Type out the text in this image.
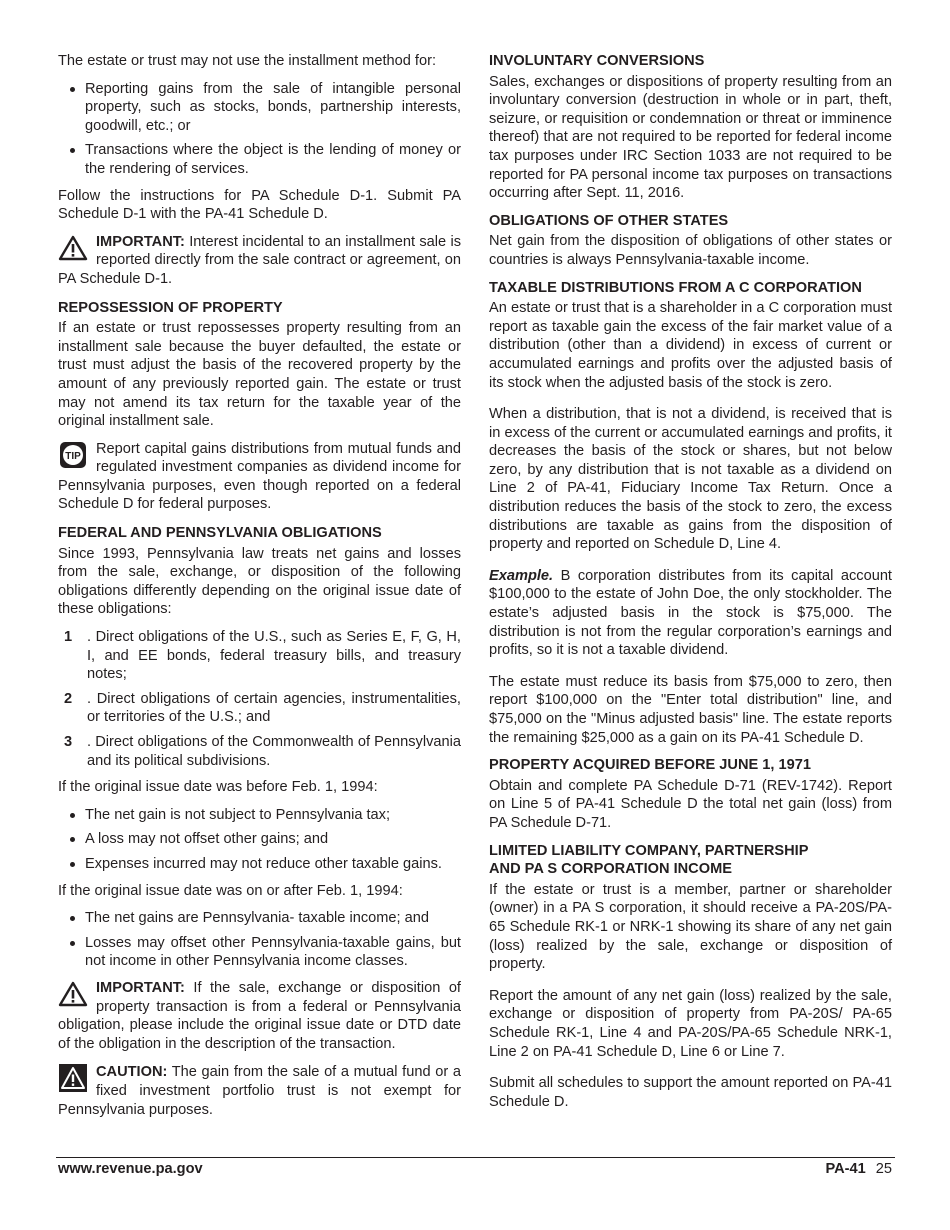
The estate or trust may not use the installment method for:

Reporting gains from the sale of intangible personal property, such as stocks, bonds, partnership interests, goodwill, etc.; or
Transactions where the object is the lending of money or the rendering of services.

Follow the instructions for PA Schedule D-1. Submit PA Schedule D-1 with the PA-41 Schedule D.

IMPORTANT: Interest incidental to an installment sale is reported directly from the sale contract or agreement, on PA Schedule D-1.
REPOSSESSION OF PROPERTY

If an estate or trust repossesses property resulting from an installment sale because the buyer defaulted, the estate or trust must adjust the basis of the recovered property by the amount of any previously reported gain. The estate or trust may not amend its tax return for the taxable year of the original installment sale.

TIP Report capital gains distributions from mutual funds and regulated investment companies as dividend income for Pennsylvania purposes, even though reported on a federal Schedule D for federal purposes.
FEDERAL AND PENNSYLVANIA OBLIGATIONS

Since 1993, Pennsylvania law treats net gains and losses from the sale, exchange, or disposition of the following obligations differently depending on the original issue date of these obligations:

1 . Direct obligations of the U.S., such as Series E, F, G, H, I, and EE bonds, federal treasury bills, and treasury notes;
2 . Direct obligations of certain agencies, instrumentalities, or territories of the U.S.; and
3 . Direct obligations of the Commonwealth of Pennsylvania and its political subdivisions.

If the original issue date was before Feb. 1, 1994:

The net gain is not subject to Pennsylvania tax;
A loss may not offset other gains; and
Expenses incurred may not reduce other taxable gains.

If the original issue date was on or after Feb. 1, 1994:

The net gains are Pennsylvania- taxable income; and
Losses may offset other Pennsylvania-taxable gains, but not income in other Pennsylvania income classes.
IMPORTANT: If the sale, exchange or disposition of property transaction is from a federal or Pennsylvania obligation, please include the original issue date or DTD date of the obligation in the description of the transaction.
CAUTION: The gain from the sale of a mutual fund or a fixed investment portfolio trust is not exempt for Pennsylvania purposes.
INVOLUNTARY CONVERSIONS

Sales, exchanges or dispositions of property resulting from an involuntary conversion (destruction in whole or in part, theft, seizure, or requisition or condemnation or threat or imminence thereof) that are not required to be reported for federal income tax purposes under IRC Section 1033 are not required to be reported for PA personal income tax purposes on transactions occurring after Sept. 11, 2016.

OBLIGATIONS OF OTHER STATES

Net gain from the disposition of obligations of other states or countries is always Pennsylvania-taxable income.

TAXABLE DISTRIBUTIONS FROM A C CORPORATION

An estate or trust that is a shareholder in a C corporation must report as taxable gain the excess of the fair market value of a distribution (other than a dividend) in excess of current or accumulated earnings and profits over the adjusted basis of its stock when the adjusted basis of the stock is zero.

When a distribution, that is not a dividend, is received that is in excess of the current or accumulated earnings and profits, it decreases the basis of the stock or shares, but not below zero, by any distribution that is not taxable as a dividend on Line 2 of PA-41, Fiduciary Income Tax Return. Once a distribution reduces the basis of the stock to zero, the excess distributions are taxable as gains from the disposition of property and reported on Schedule D, Line 4.

Example. B corporation distributes from its capital account $100,000 to the estate of John Doe, the only stockholder. The estate’s adjusted basis in the stock is $75,000. The distribution is not from the regular corporation’s earnings and profits, so it is not a taxable dividend.

The estate must reduce its basis from $75,000 to zero, then report $100,000 on the "Enter total distribution" line, and $75,000 on the "Minus adjusted basis" line. The estate reports the remaining $25,000 as a gain on its PA-41 Schedule D.

PROPERTY ACQUIRED BEFORE JUNE 1, 1971

Obtain and complete PA Schedule D-71 (REV-1742). Report on Line 5 of PA-41 Schedule D the total net gain (loss) from PA Schedule D-71.

LIMITED LIABILITY COMPANY, PARTNERSHIP
AND PA S CORPORATION INCOME

If the estate or trust is a member, partner or shareholder (owner) in a PA S corporation, it should receive a PA-20S/PA-65 Schedule RK-1 or NRK-1 showing its share of any net gain (loss) realized by the sale, exchange or disposition of property.

Report the amount of any net gain (loss) realized by the sale, exchange or disposition of property from PA-20S/ PA-65 Schedule RK-1, Line 4 and PA-20S/PA-65 Schedule NRK-1, Line 2 on PA-41 Schedule D, Line 6 or Line 7.

Submit all schedules to support the amount reported on PA-41 Schedule D.

www.revenue.pa.gov	PA-41 25
